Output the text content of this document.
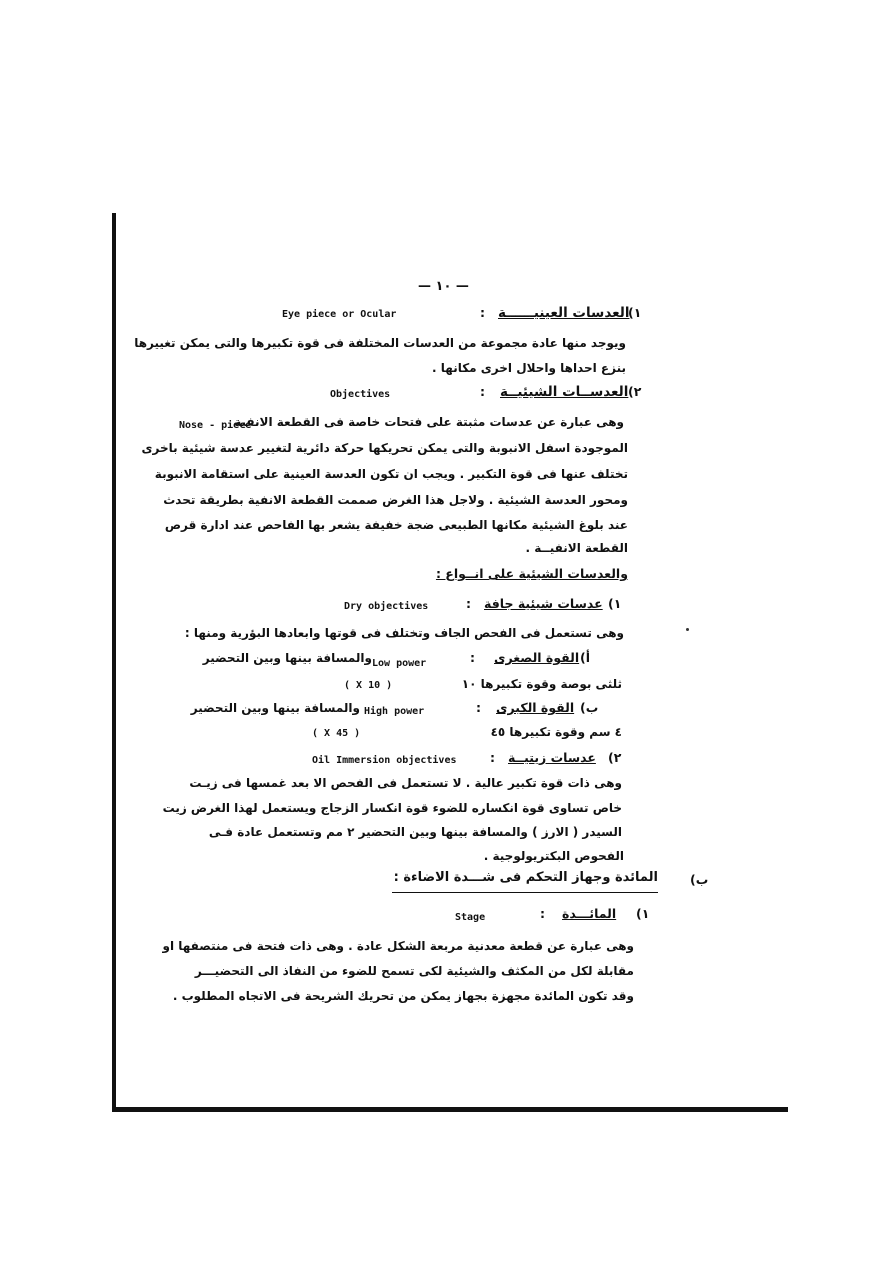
— ١٠ —
١)
العدسات العينيــــــة
:
Eye piece or Ocular
ويوجد منها عادة مجموعة من العدسات المختلفة فى قوة تكبيرها والتى يمكن تغييرها
بنزع احداها واحلال اخرى مكانها .
٢)
العدســات الشيئيــة
:
Objectives
Nose - piece
وهى عبارة عن عدسات مثبتة على فتحات خاصة فى القطعة الانفية
الموجودة اسفل الانبوبة والتى يمكن تحريكها حركة دائرية لتغيير عدسة شيئية باخرى
تختلف عنها فى قوة التكبير . ويجب ان تكون العدسة العينية على استقامة الانبوبة
ومحور العدسة الشيئية . ولاجل هذا الغرض صممت القطعة الانفية بطريقة تحدث
عند بلوغ الشيئية مكانها الطبيعى ضجة خفيفة يشعر بها الفاحص عند ادارة قرص
القطعة الانفيــة .
والعدسات الشيئية على انــواع :
١)
عدسات شيئية جافة
:
Dry objectives
وهى تستعمل فى الفحص الجاف وتختلف فى قوتها وابعادها البؤرية ومنها :
أ)
القوة الصغرى
Low power	:
والمسافة بينها وبين التحضير
ثلثى بوصة وقوة تكبيرها ١٠
( X 10 )
ب)
القوة الكبرى
:
High power
والمسافة بينها وبين التحضير
٤ سم وقوة تكبيرها ٤٥
( X 45 )
٢)
عدسات زيتيــة
:
Oil Immersion objectives
وهى ذات قوة تكبير عالية . لا تستعمل فى الفحص الا بعد غمسها فى زيـت
خاص تساوى قوة انكساره للضوء قوة انكسار الزجاج ويستعمل لهذا الغرض زيت
السيدر ( الارز ) والمسافة بينها وبين التحضير ٢ مم وتستعمل عادة فـى
الفحوص البكتريولوجية .
ب)
المائدة وجهاز التحكم فى شـــدة الاضاءة :
١)
المائـــدة
:
Stage
وهى عبارة عن قطعة معدنية مربعة الشكل عادة . وهى ذات فتحة فى منتصفها او
مقابلة لكل من المكثف والشيئية لكى تسمح للضوء من النفاذ الى التحضيـــر
وقد تكون المائدة مجهزة بجهاز يمكن من تحريك الشريحة فى الاتجاه المطلوب .
